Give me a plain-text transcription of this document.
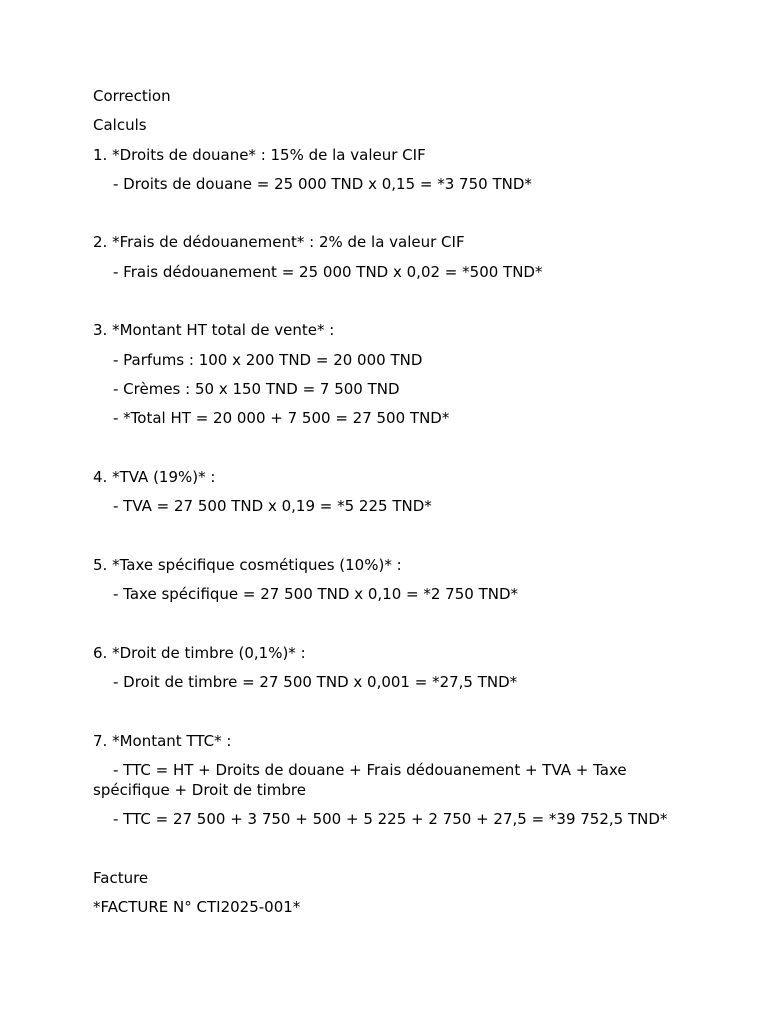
Correction

Calculs

1. *Droits de douane* : 15% de la valeur CIF

- Droits de douane = 25 000 TND x 0,15 = *3 750 TND*

2. *Frais de dédouanement* : 2% de la valeur CIF

- Frais dédouanement = 25 000 TND x 0,02 = *500 TND*

3. *Montant HT total de vente* :

- Parfums : 100 x 200 TND = 20 000 TND

- Crèmes : 50 x 150 TND = 7 500 TND

- *Total HT = 20 000 + 7 500 = 27 500 TND*

4. *TVA (19%)* :

- TVA = 27 500 TND x 0,19 = *5 225 TND*

5. *Taxe spécifique cosmétiques (10%)* :

- Taxe spécifique = 27 500 TND x 0,10 = *2 750 TND*

6. *Droit de timbre (0,1%)* :

- Droit de timbre = 27 500 TND x 0,001 = *27,5 TND*

7. *Montant TTC* :

- TTC = HT + Droits de douane + Frais dédouanement + TVA + Taxe spécifique + Droit de timbre

- TTC = 27 500 + 3 750 + 500 + 5 225 + 2 750 + 27,5 = *39 752,5 TND*

Facture

*FACTURE N° CTI2025-001*
